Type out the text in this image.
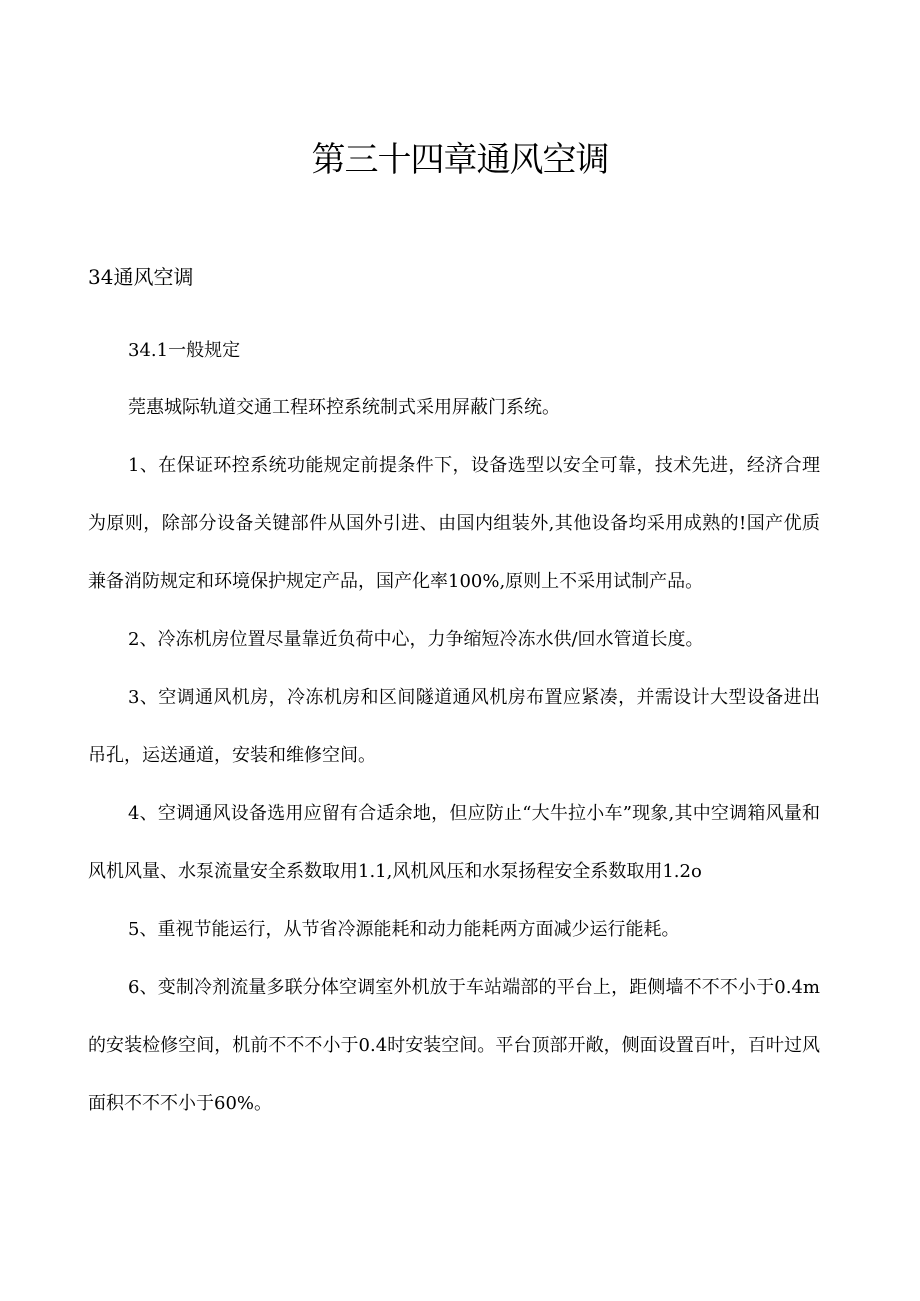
第三十四章通风空调
34通风空调
34.1一般规定

莞惠城际轨道交通工程环控系统制式采用屏蔽门系统。

1、在保证环控系统功能规定前提条件下，设备选型以安全可靠，技术先进，经济合理为原则，除部分设备关键部件从国外引进、由国内组装外,其他设备均采用成熟的!国产优质兼备消防规定和环境保护规定产品，国产化率100%,原则上不采用试制产品。

2、冷冻机房位置尽量靠近负荷中心，力争缩短冷冻水供/回水管道长度。

3、空调通风机房，冷冻机房和区间隧道通风机房布置应紧凑，并需设计大型设备进出吊孔，运送通道，安装和维修空间。

4、空调通风设备选用应留有合适余地，但应防止“大牛拉小车”现象,其中空调箱风量和风机风量、水泵流量安全系数取用1.1,风机风压和水泵扬程安全系数取用1.2o

5、重视节能运行，从节省冷源能耗和动力能耗两方面减少运行能耗。

6、变制冷剂流量多联分体空调室外机放于车站端部的平台上，距侧墙不不不小于0.4m的安装检修空间，机前不不不小于0.4时安装空间。平台顶部开敞，侧面设置百叶，百叶过风面积不不不小于60%。
